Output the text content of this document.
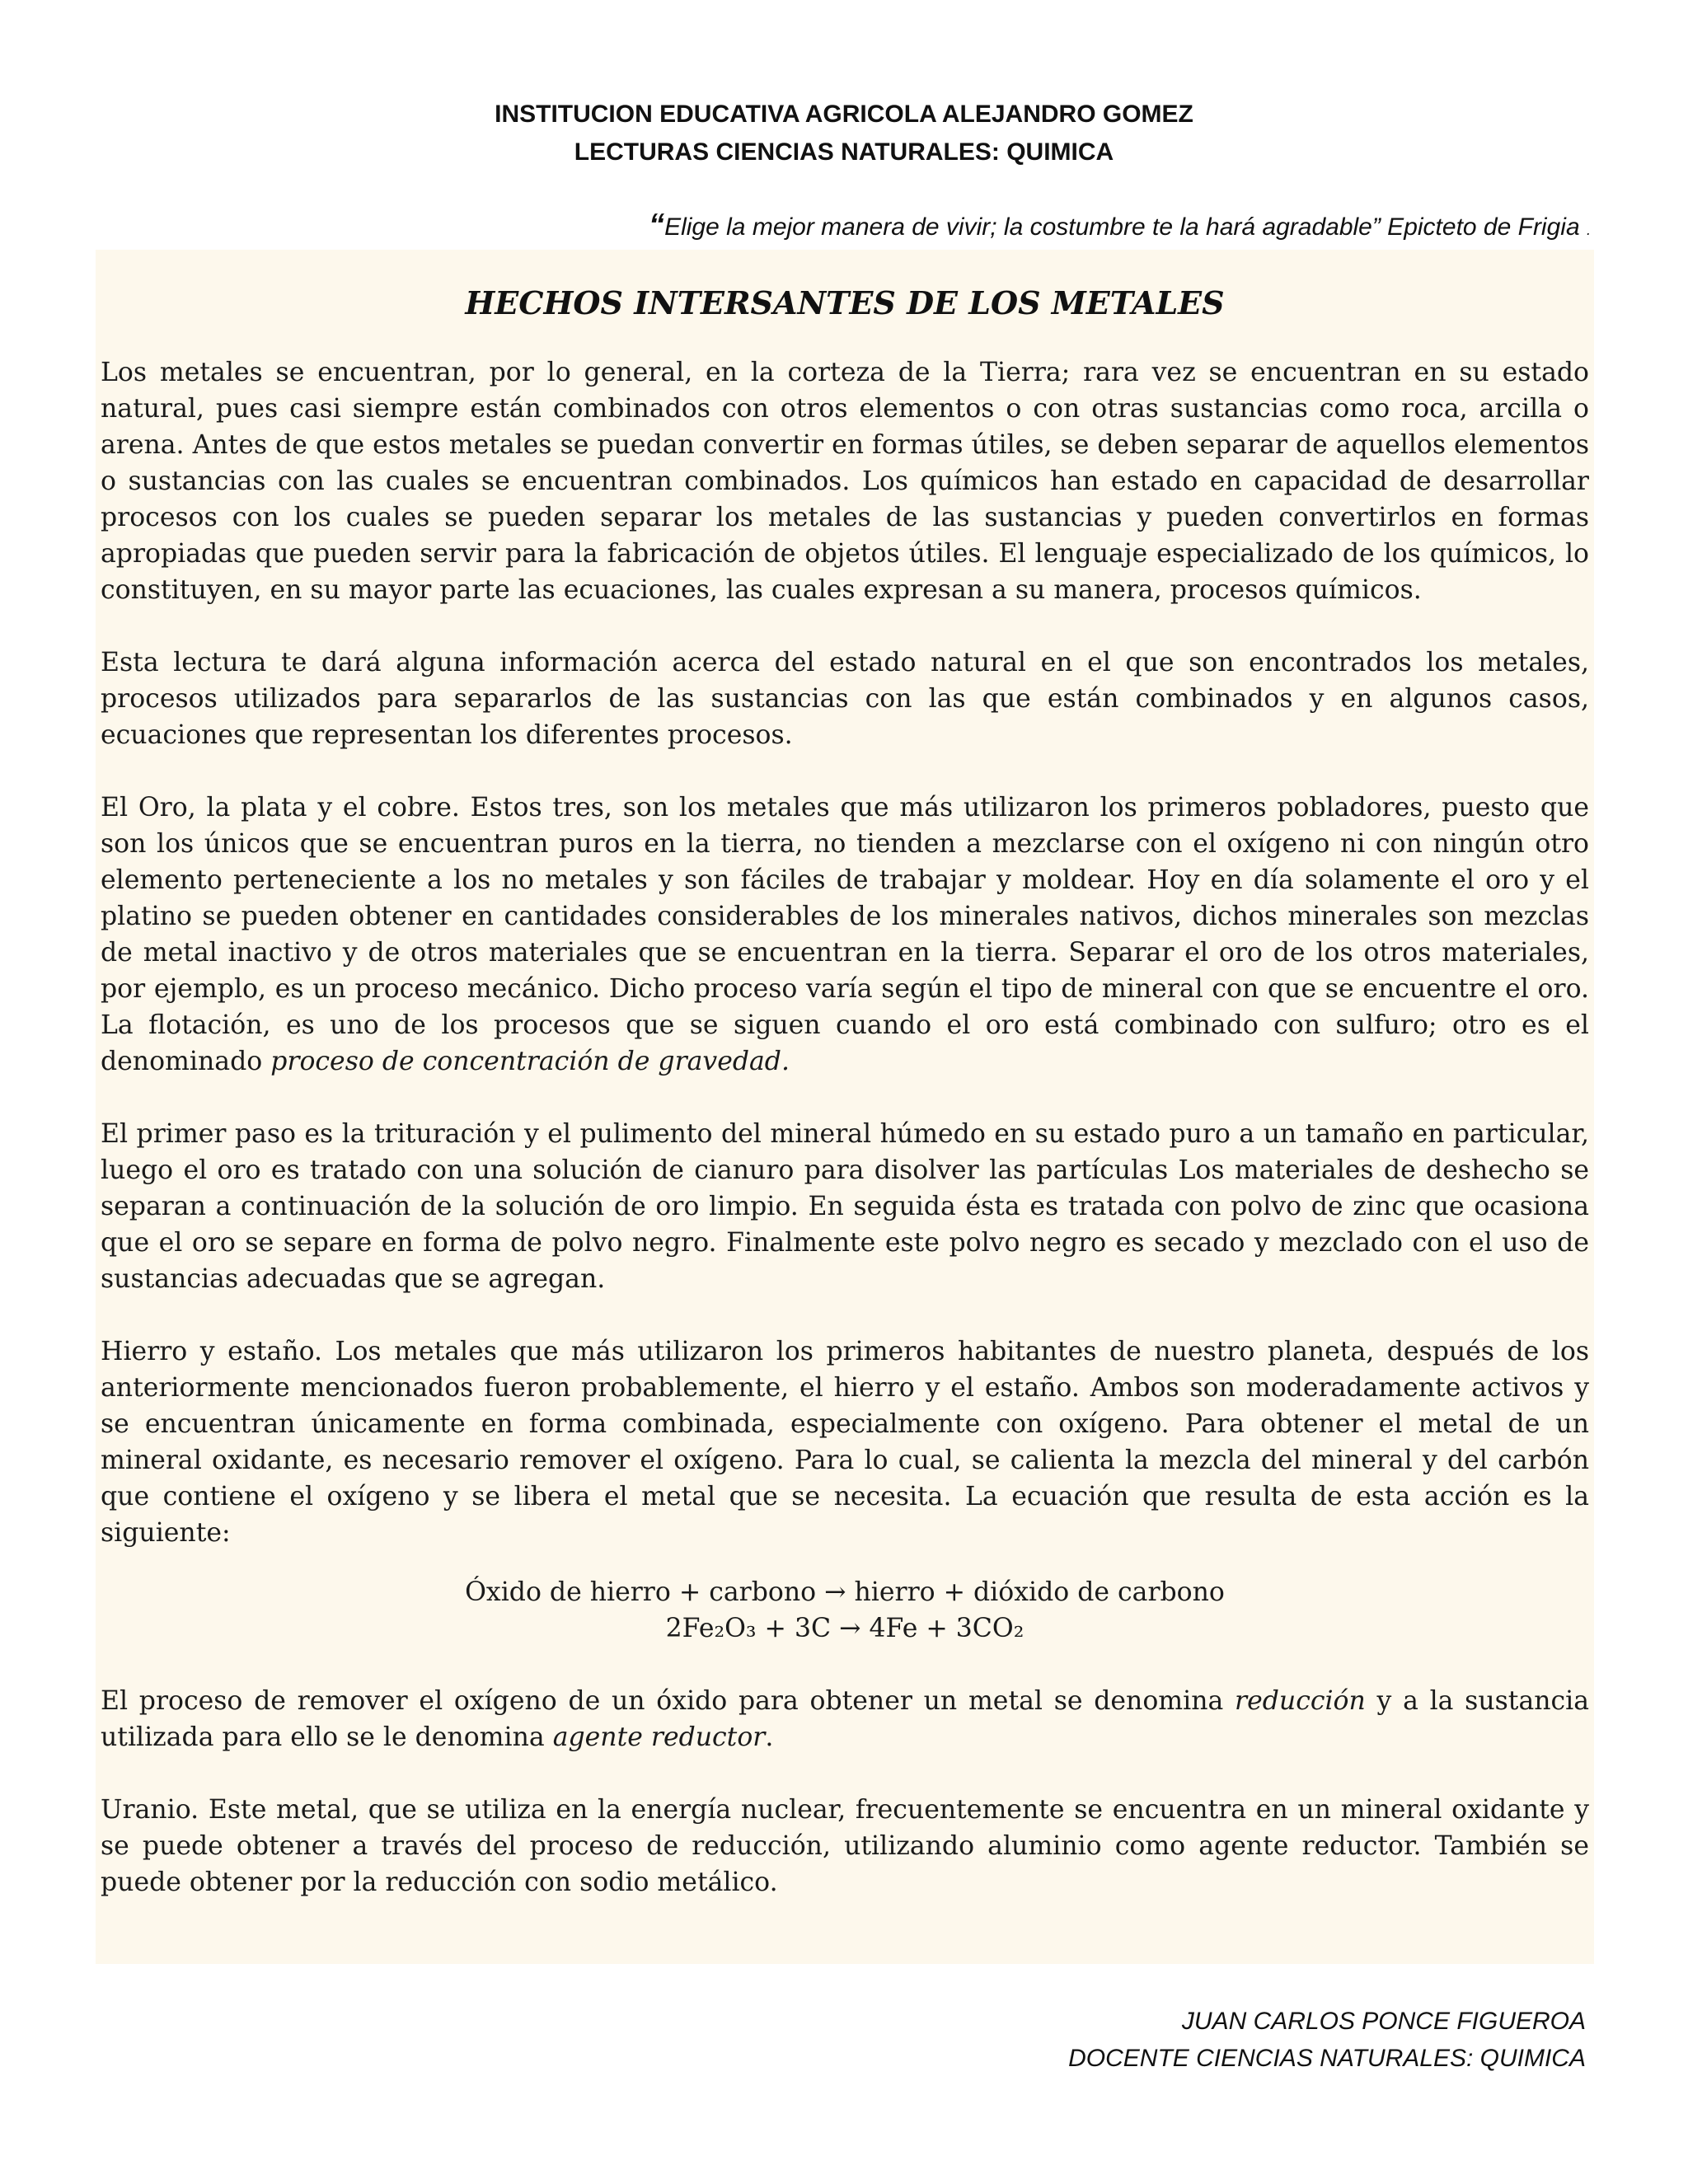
INSTITUCION EDUCATIVA AGRICOLA ALEJANDRO GOMEZ
LECTURAS CIENCIAS NATURALES: QUIMICA
“Elige la mejor manera de vivir; la costumbre te la hará agradable” Epicteto de Frigia .
HECHOS INTERSANTES DE LOS METALES

Los metales se encuentran, por lo general, en la corteza de la Tierra; rara vez se encuentran en su estado natural, pues casi siempre están combinados con otros elementos o con otras sustancias como roca, arcilla o arena. Antes de que estos metales se puedan convertir en formas útiles, se deben separar de aquellos elementos o sustancias con las cuales se encuentran combinados. Los químicos han estado en capacidad de desarrollar procesos con los cuales se pueden separar los metales de las sustancias y pueden convertirlos en formas apropiadas que pueden servir para la fabricación de objetos útiles. El lenguaje especializado de los químicos, lo constituyen, en su mayor parte las ecuaciones, las cuales expresan a su manera, procesos químicos.

Esta lectura te dará alguna información acerca del estado natural en el que son encontrados los metales, procesos utilizados para separarlos de las sustancias con las que están combinados y en algunos casos, ecuaciones que representan los diferentes procesos.

El Oro, la plata y el cobre. Estos tres, son los metales que más utilizaron los primeros pobladores, puesto que son los únicos que se encuentran puros en la tierra, no tienden a mezclarse con el oxígeno ni con ningún otro elemento perteneciente a los no metales y son fáciles de trabajar y moldear. Hoy en día solamente el oro y el platino se pueden obtener en cantidades considerables de los minerales nativos, dichos minerales son mezclas de metal inactivo y de otros materiales que se encuentran en la tierra. Separar el oro de los otros materiales, por ejemplo, es un proceso mecánico. Dicho proceso varía según el tipo de mineral con que se encuentre el oro. La flotación, es uno de los procesos que se siguen cuando el oro está combinado con sulfuro; otro es el denominado proceso de concentración de gravedad.

El primer paso es la trituración y el pulimento del mineral húmedo en su estado puro a un tamaño en particular, luego el oro es tratado con una solución de cianuro para disolver las partículas Los materiales de deshecho se separan a continuación de la solución de oro limpio. En seguida ésta es tratada con polvo de zinc que ocasiona que el oro se separe en forma de polvo negro. Finalmente este polvo negro es secado y mezclado con el uso de sustancias adecuadas que se agregan.

Hierro y estaño. Los metales que más utilizaron los primeros habitantes de nuestro planeta, después de los anteriormente mencionados fueron probablemente, el hierro y el estaño. Ambos son moderadamente activos y se encuentran únicamente en forma combinada, especialmente con oxígeno. Para obtener el metal de un mineral oxidante, es necesario remover el oxígeno. Para lo cual, se calienta la mezcla del mineral y del carbón que contiene el oxígeno y se libera el metal que se necesita. La ecuación que resulta de esta acción es la siguiente:

Óxido de hierro + carbono → hierro + dióxido de carbono
2Fe₂O₃ + 3C → 4Fe + 3CO₂

El proceso de remover el oxígeno de un óxido para obtener un metal se denomina reducción y a la sustancia utilizada para ello se le denomina agente reductor.

Uranio. Este metal, que se utiliza en la energía nuclear, frecuentemente se encuentra en un mineral oxidante y se puede obtener a través del proceso de reducción, utilizando aluminio como agente reductor. También se puede obtener por la reducción con sodio metálico.

JUAN CARLOS PONCE FIGUEROA
DOCENTE CIENCIAS NATURALES: QUIMICA
